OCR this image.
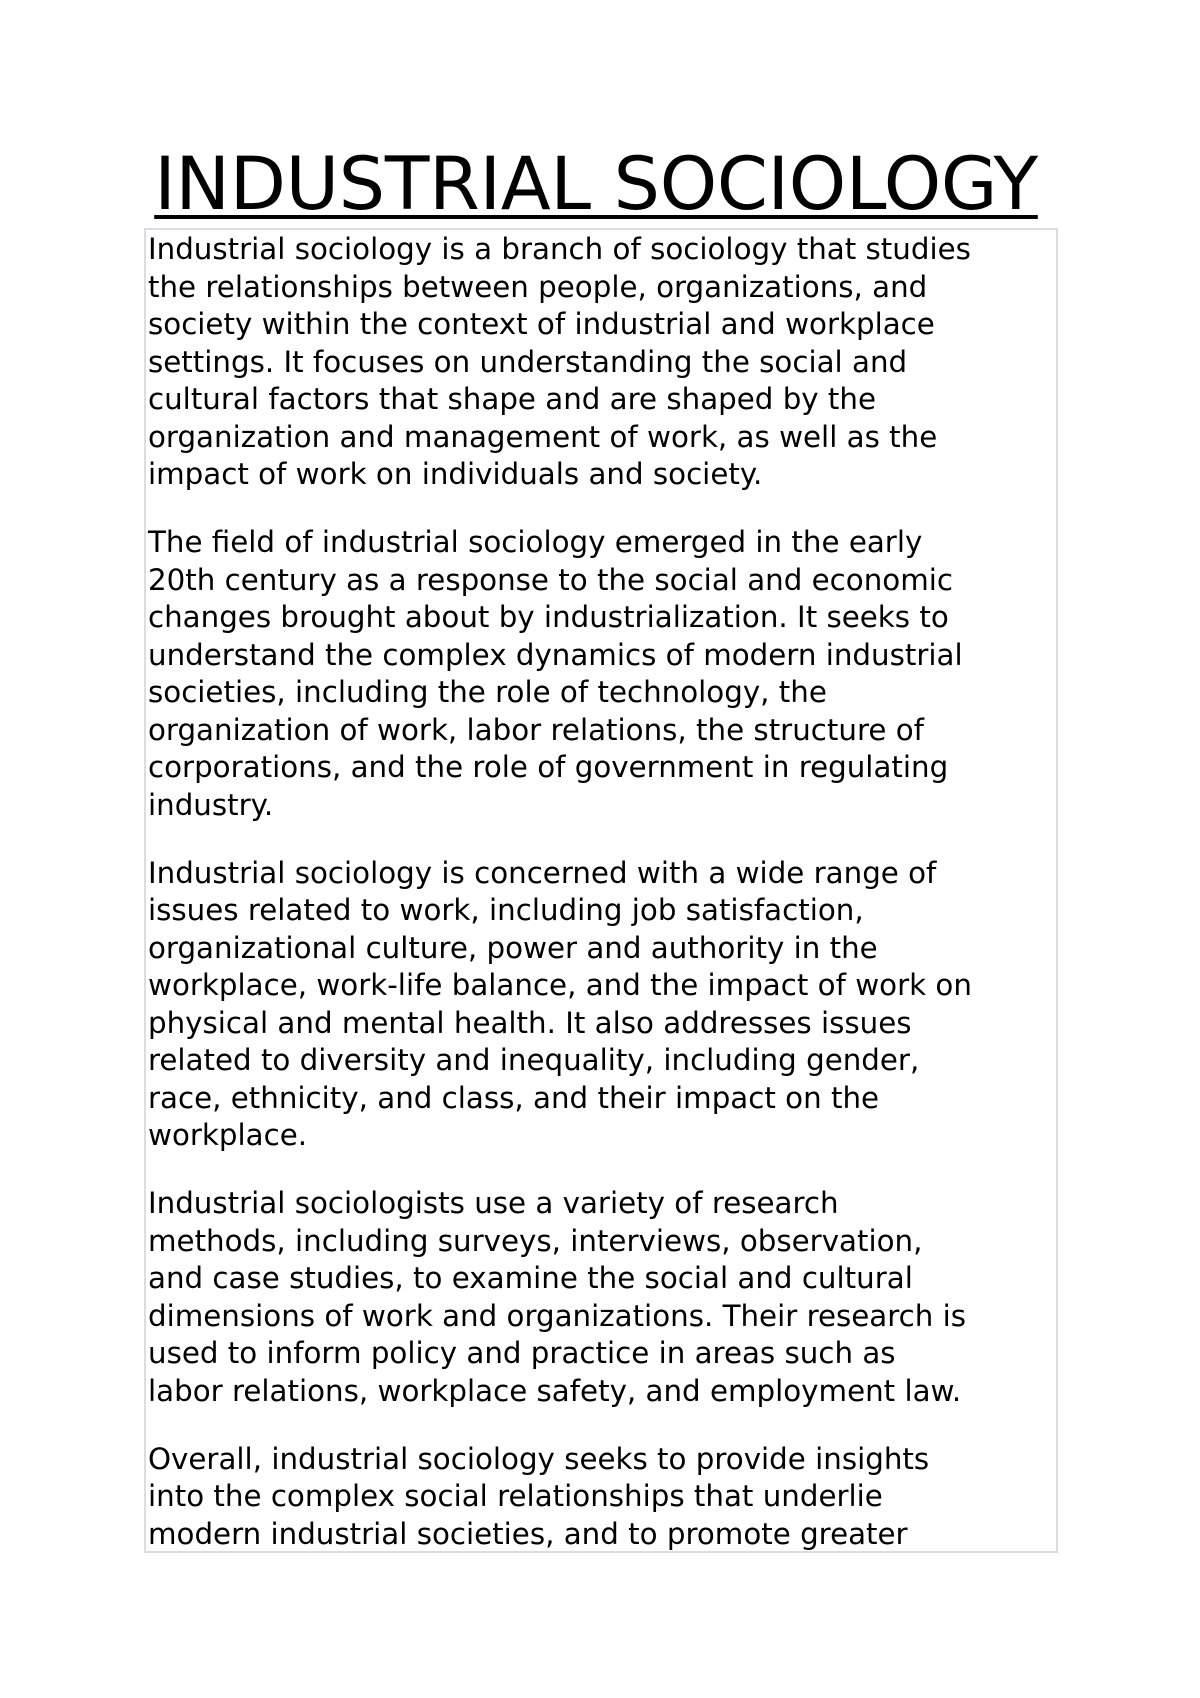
INDUSTRIAL SOCIOLOGY
Industrial sociology is a branch of sociology that studies
the relationships between people, organizations, and
society within the context of industrial and workplace
settings. It focuses on understanding the social and
cultural factors that shape and are shaped by the
organization and management of work, as well as the
impact of work on individuals and society.
The field of industrial sociology emerged in the early
20th century as a response to the social and economic
changes brought about by industrialization. It seeks to
understand the complex dynamics of modern industrial
societies, including the role of technology, the
organization of work, labor relations, the structure of
corporations, and the role of government in regulating
industry.
Industrial sociology is concerned with a wide range of
issues related to work, including job satisfaction,
organizational culture, power and authority in the
workplace, work-life balance, and the impact of work on
physical and mental health. It also addresses issues
related to diversity and inequality, including gender,
race, ethnicity, and class, and their impact on the
workplace.
Industrial sociologists use a variety of research
methods, including surveys, interviews, observation,
and case studies, to examine the social and cultural
dimensions of work and organizations. Their research is
used to inform policy and practice in areas such as
labor relations, workplace safety, and employment law.
Overall, industrial sociology seeks to provide insights
into the complex social relationships that underlie
modern industrial societies, and to promote greater
